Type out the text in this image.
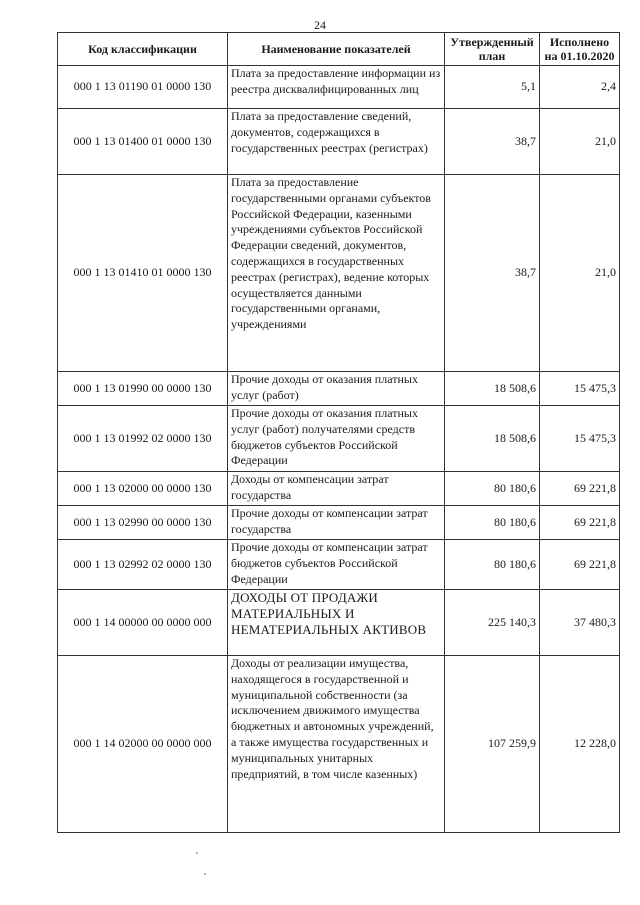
24
Код классификации	Наименование показателей	Утвержденный план	Исполнено на 01.10.2020
000 1 13 01190 01 0000 130	Плата за предоставление информации из реестра дисквалифицированных лиц	5,1	2,4
000 1 13 01400 01 0000 130	Плата за предоставление сведений, документов, содержащихся в государственных реестрах (регистрах)	38,7	21,0
000 1 13 01410 01 0000 130	Плата за предоставление государственными органами субъектов Российской Федерации, казенными учреждениями субъектов Российской Федерации сведений, документов, содержащихся в государственных реестрах (регистрах), ведение которых осуществляется данными государственными органами, учреждениями	38,7	21,0
000 1 13 01990 00 0000 130	Прочие доходы от оказания платных услуг (работ)	18 508,6	15 475,3
000 1 13 01992 02 0000 130	Прочие доходы от оказания платных услуг (работ) получателями средств бюджетов субъектов Российской Федерации	18 508,6	15 475,3
000 1 13 02000 00 0000 130	Доходы от компенсации затрат государства	80 180,6	69 221,8
000 1 13 02990 00 0000 130	Прочие доходы от компенсации затрат государства	80 180,6	69 221,8
000 1 13 02992 02 0000 130	Прочие доходы от компенсации затрат бюджетов субъектов Российской Федерации	80 180,6	69 221,8
000 1 14 00000 00 0000 000	ДОХОДЫ ОТ ПРОДАЖИ МАТЕРИАЛЬНЫХ И НЕМАТЕРИАЛЬНЫХ АКТИВОВ	225 140,3	37 480,3
000 1 14 02000 00 0000 000	Доходы от реализации имущества, находящегося в государственной и муниципальной собственности (за исключением движимого имущества бюджетных и автономных учреждений, а также имущества государственных и муниципальных унитарных предприятий, в том числе казенных)	107 259,9	12 228,0
